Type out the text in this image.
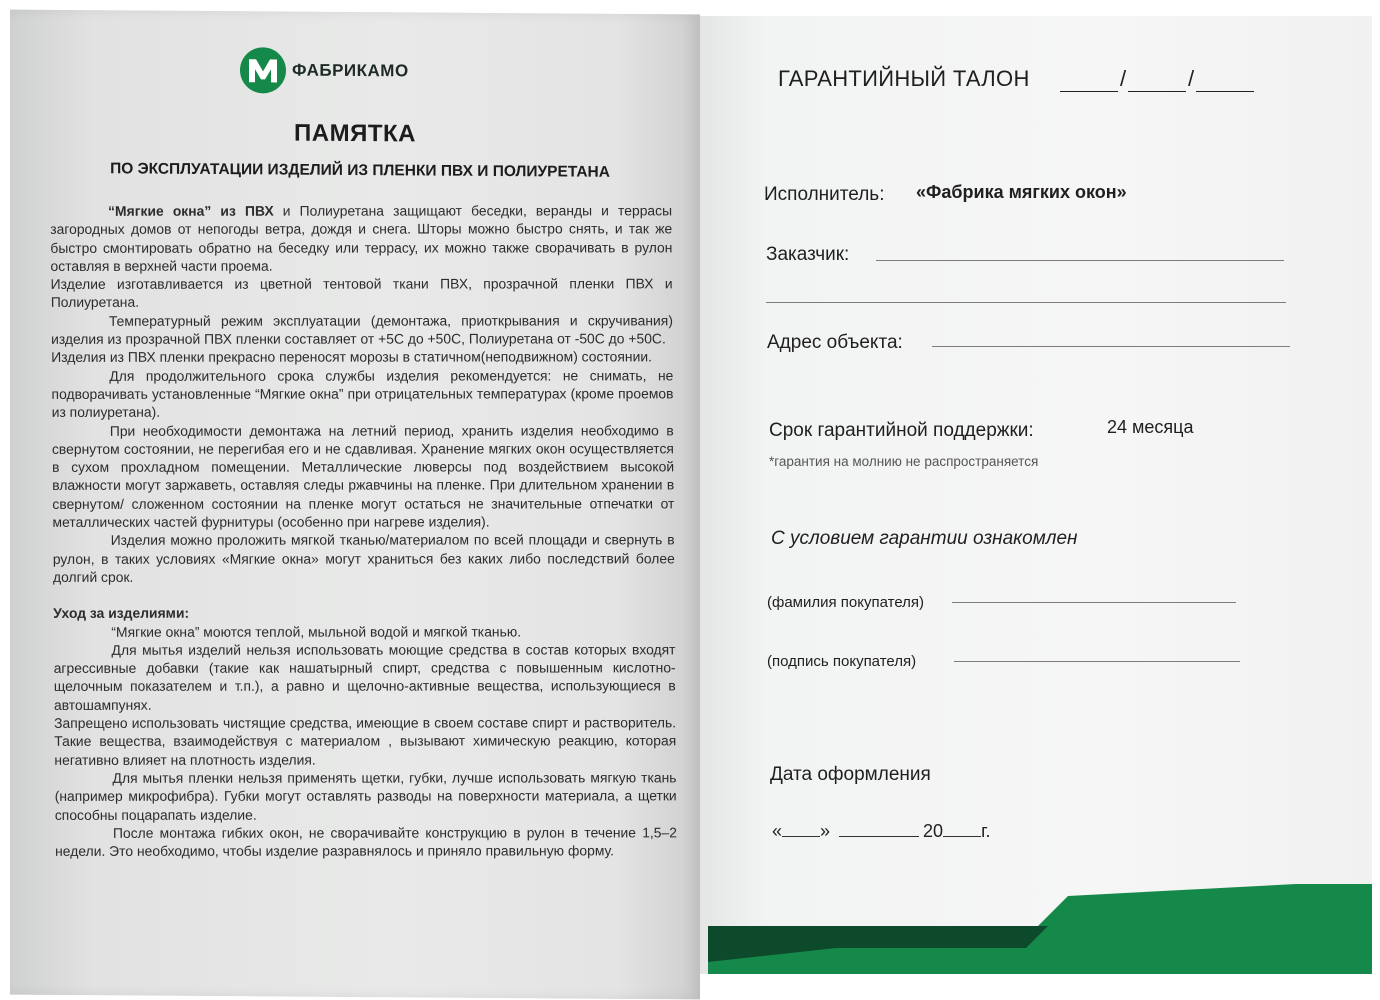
ФАБРИКАМО
ПАМЯТКА
ПО ЭКСПЛУАТАЦИИ ИЗДЕЛИЙ ИЗ ПЛЕНКИ ПВХ И ПОЛИУРЕТАНА

“Мягкие окна” из ПВХ и Полиуретана защищают беседки, веранды и террасы загородных домов от непогоды ветра, дождя и снега. Шторы можно быстро снять, и так же быстро смонтировать обратно на беседку или террасу, их можно также сворачивать в рулон оставляя в верхней части проема.

Изделие изготавливается из цветной тентовой ткани ПВХ, прозрачной пленки ПВХ и Полиуретана.

Температурный режим эксплуатации (демонтажа, приоткрывания и скручивания) изделия из прозрачной ПВХ пленки составляет от +5С до +50С, Полиуретана от -50С до +50С.

Изделия из ПВХ пленки прекрасно переносят морозы в статичном(неподвижном) состоянии.

Для продолжительного срока службы изделия рекомендуется: не снимать, не подворачивать установленные “Мягкие окна” при отрицательных температурах (кроме проемов из полиуретана).

При необходимости демонтажа на летний период, хранить изделия необходимо в свернутом состоянии, не перегибая его и не сдавливая. Хранение мягких окон осуществляется в сухом прохладном помещении. Металлические люверсы под воздействием высокой влажности могут заржаветь, оставляя следы ржавчины на пленке. При длительном хранении в свернутом/ сложенном состоянии на пленке могут остаться не значительные отпечатки от металлических частей фурнитуры (особенно при нагреве изделия).

Изделия можно проложить мягкой тканью/материалом по всей площади и свернуть в рулон, в таких условиях «Мягкие окна» могут храниться без каких либо последствий более долгий срок.

Уход за изделиями:

“Мягкие окна” моются теплой, мыльной водой и мягкой тканью.

Для мытья изделий нельзя использовать моющие средства в состав которых входят агрессивные добавки (такие как нашатырный спирт, средства с повышенным кислотно-щелочным показателем и т.п.), а равно и щелочно-активные вещества, использующиеся в автошампунях.

Запрещено использовать чистящие средства, имеющие в своем составе спирт и растворитель. Такие вещества, взаимодействуя с материалом , вызывают химическую реакцию, которая негативно влияет на плотность изделия.

Для мытья пленки нельзя применять щетки, губки, лучше использовать мягкую ткань (например микрофибра). Губки могут оставлять разводы на поверхности материала, а щетки способны поцарапать изделие.

После монтажа гибких окон, не сворачивайте конструкцию в рулон в течение 1,5–2 недели. Это необходимо, чтобы изделие разравнялось и приняло правильную форму.

ГАРАНТИЙНЫЙ ТАЛОН	/	/
Исполнитель: «Фабрика мягких окон»
Заказчик:
Адрес объекта:
Срок гарантийной поддержки:	24 месяца
*гарантия на молнию не распространяется
С условием гарантии ознакомлен
(фамилия покупателя)
(подпись покупателя)
Дата оформления
« »	20 г.
